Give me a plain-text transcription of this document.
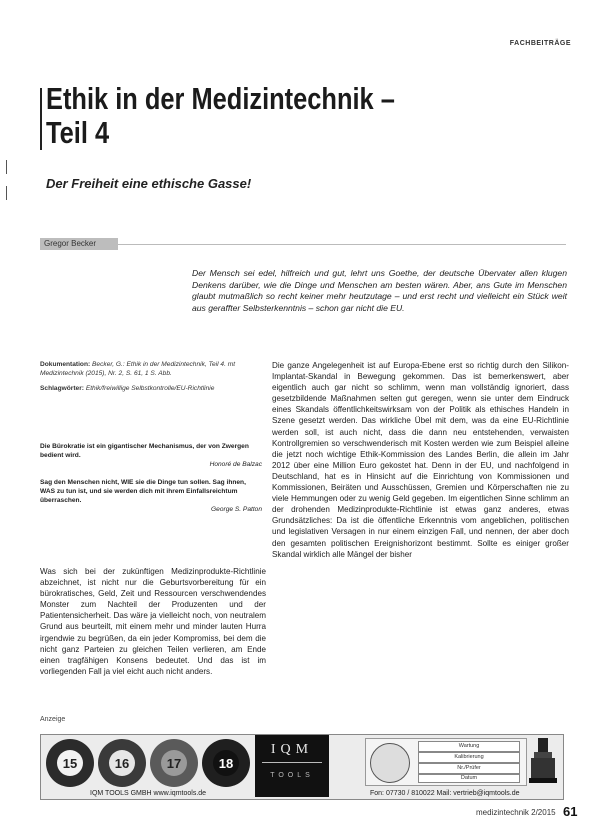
FACHBEITRÄGE
Ethik in der Medizintechnik –
Teil 4
Der Freiheit eine ethische Gasse!
Gregor Becker
Der Mensch sei edel, hilfreich und gut, lehrt uns Goethe, der deutsche Übervater allen klugen Denkens darüber, wie die Dinge und Menschen am besten wären. Aber, ans Gute im Menschen glaubt mutmaßlich so recht keiner mehr heutzutage – und erst recht und vielleicht ein Stück weit aus geraffter Selbsterkenntnis – schon gar nicht die EU.
Dokumentation: Becker, G.: Ethik in der Medizintechnik, Teil 4. mt Medizintechnik (2015), Nr. 2, S. 61, 1 S. Abb.
Schlagwörter: Ethik/freiwillige Selbstkontrolle/EU-Richtlinie
Die Bürokratie ist ein gigantischer Mechanismus, der von Zwergen bedient wird.
Honoré de Balzac
Sag den Menschen nicht, WIE sie die Dinge tun sollen. Sag ihnen, WAS zu tun ist, und sie werden dich mit ihrem Einfallsreichtum überraschen.
George S. Patton
Was sich bei der zukünftigen Medizinprodukte-Richtlinie abzeichnet, ist nicht nur die Geburtsvorbereitung für ein bürokratisches, Geld, Zeit und Ressourcen verschwendendes Monster zum Nachteil der Produzenten und der Patientensicherheit. Das wäre ja vielleicht noch, von neutralem Grund aus beurteilt, mit einem mehr und minder lauten Hurra irgendwie zu begrüßen, da ein jeder Kompromiss, bei dem die nicht ganz Parteien zu gleichen Teilen verlieren, am Ende einen tragfähigen Konsens bedeutet. Und das ist im vorliegenden Fall ja viel eicht auch nicht anders.
Die ganze Angelegenheit ist auf Europa-Ebene erst so richtig durch den Silikon-Implantat-Skandal in Bewegung gekommen. Das ist bemerkenswert, aber eigentlich auch gar nicht so schlimm, wenn man vollständig ignoriert, dass gesetzbildende Maßnahmen selten gut geregen, wenn sie unter dem Eindruck eines Skandals öffentlichkeitswirksam von der Politik als ethisches Handeln in Szene gesetzt werden. Das wirkliche Übel mit dem, was da eine EU-Richtlinie werden soll, ist auch nicht, dass die dann neu entstehenden, verwaisten Kontrollgremien so verschwenderisch mit Kosten werden wie zum Beispiel alleine die jetzt noch wichtige Ethik-Kommission des Landes Berlin, die allein im Jahr 2012 über eine Million Euro gekostet hat. Denn in der EU, und nachfolgend in Deutschland, hat es in Hinsicht auf die Einrichtung von Kommissionen und Kommissionen, Beiräten und Ausschüssen, Gremien und Körperschaften nie zu viele Hemmungen oder zu wenig Geld gegeben. Im eigentlichen Sinne schlimm an der drohenden Medizinprodukte-Richtlinie ist etwas ganz anderes, etwas Grundsätzliches: Da ist die öffentliche Erkenntnis vom angeblichen, politischen und legislativen Versagen in nur einem einzigen Fall, und nennen, der aber doch den gesamten politischen Ereignishorizont bestimmt. Sollte es einiger großer Skandal wirklich alle Mängel der bisher
Anzeige
15	16	17	18
IQM
TOOLS
Wartung
Kalibrierung
Nr./Prüfer
Datum
IQM TOOLS GMBH www.iqmtools.de	Fon: 07730 / 810022 Mail: vertrieb@iqmtools.de
medizintechnik 2/2015 61
